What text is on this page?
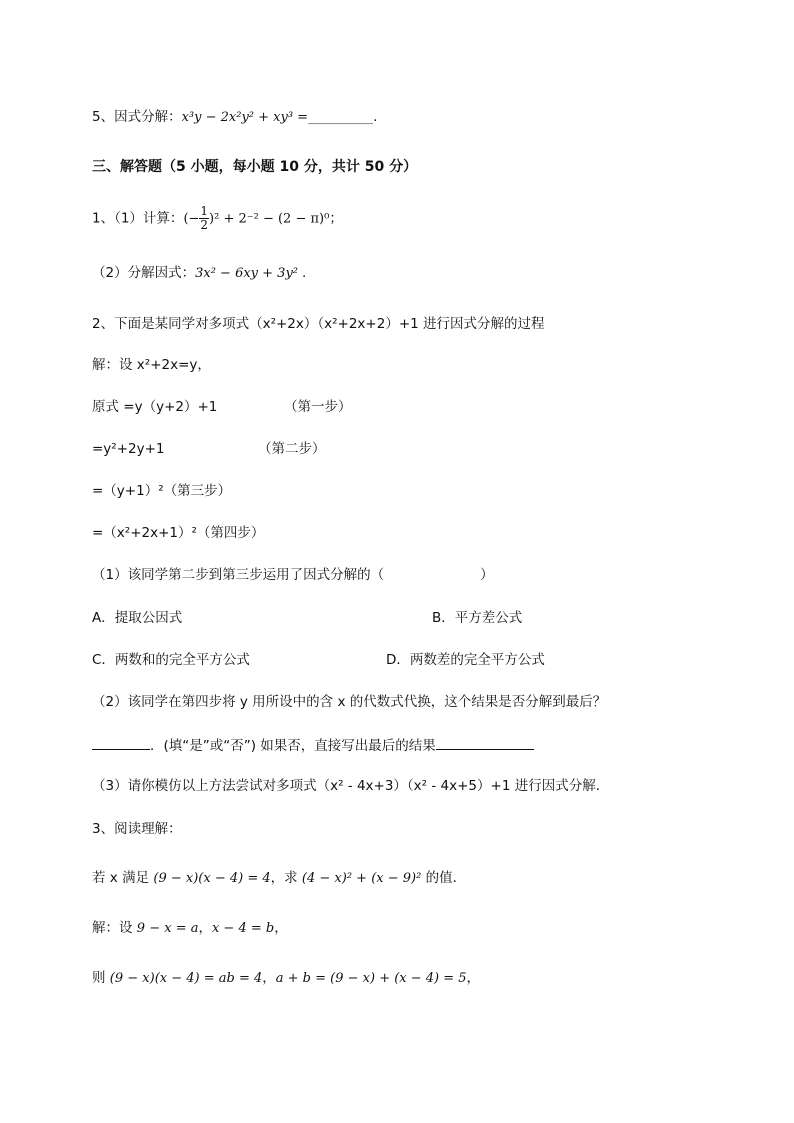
5、因式分解：x³y − 2x²y² + xy³ =__________.
三、解答题（5 小题，每小题 10 分，共计 50 分）
1、（1）计算：(− $\frac{1}{2} )^2 + 2^{-2} - (2 - \pi)^0$；
（2）分解因式：3x² − 6xy + 3y² .
2、下面是某同学对多项式（x²+2x）（x²+2x+2）+1 进行因式分解的过程
解：设 x²+2x=y，
原式 =y（y+2）+1	（第一步）
=y²+2y+1	（第二步）
=（y+1）²（第三步）
=（x²+2x+1）²（第四步）
（1）该同学第二步到第三步运用了因式分解的（	）
A．提取公因式	B．平方差公式
C．两数和的完全平方公式	D．两数差的完全平方公式
（2）该同学在第四步将 y 用所设中的含 x 的代数式代换，这个结果是否分解到最后？
．(填“是”或“否”) 如果否，直接写出最后的结果
（3）请你模仿以上方法尝试对多项式（x² - 4x+3）（x² - 4x+5）+1 进行因式分解．
3、阅读理解：
若 x 满足 (9 − x)(x − 4) = 4，求 (4 − x)² + (x − 9)² 的值．
解：设 9 − x = a，x − 4 = b，
则 (9 − x)(x − 4) = ab = 4，a + b = (9 − x) + (x − 4) = 5，
